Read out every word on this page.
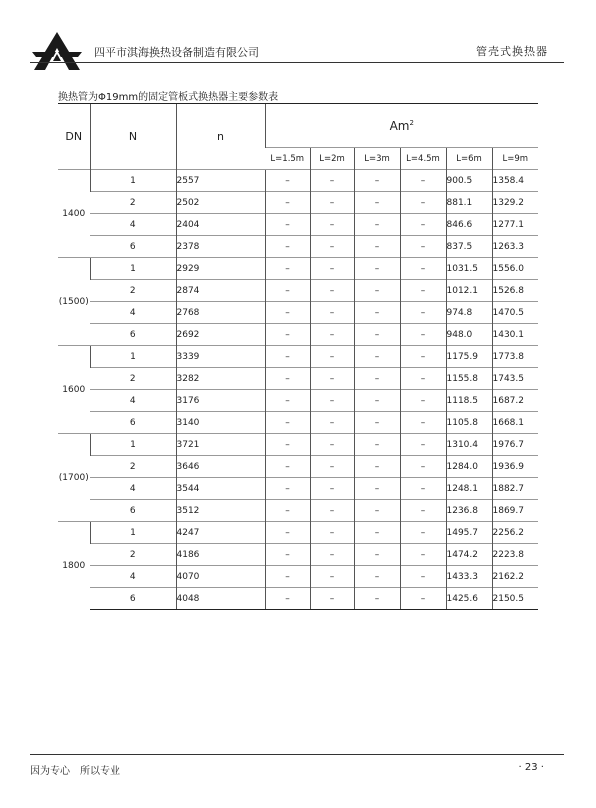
四平市淇海换热设备制造有限公司	管壳式换热器
换热管为Φ19mm的固定管板式换热器主要参数表
DN	N	n	Am$^2$
			L=1.5m	L=2m	L=3m	L=4.5m	L=6m	L=9m
1400	1	2557	–	–	–	–	900.5	1358.4
	2	2502	–	–	–	–	881.1	1329.2
	4	2404	–	–	–	–	846.6	1277.1
	6	2378	–	–	–	–	837.5	1263.3
(1500)	1	2929	–	–	–	–	1031.5	1556.0
	2	2874	–	–	–	–	1012.1	1526.8
	4	2768	–	–	–	–	974.8	1470.5
	6	2692	–	–	–	–	948.0	1430.1
1600	1	3339	–	–	–	–	1175.9	1773.8
	2	3282	–	–	–	–	1155.8	1743.5
	4	3176	–	–	–	–	1118.5	1687.2
	6	3140	–	–	–	–	1105.8	1668.1
(1700)	1	3721	–	–	–	–	1310.4	1976.7
	2	3646	–	–	–	–	1284.0	1936.9
	4	3544	–	–	–	–	1248.1	1882.7
	6	3512	–	–	–	–	1236.8	1869.7
1800	1	4247	–	–	–	–	1495.7	2256.2
	2	4186	–	–	–	–	1474.2	2223.8
	4	4070	–	–	–	–	1433.3	2162.2
	6	4048	–	–	–	–	1425.6	2150.5
因为专心　所以专业	· 23 ·
